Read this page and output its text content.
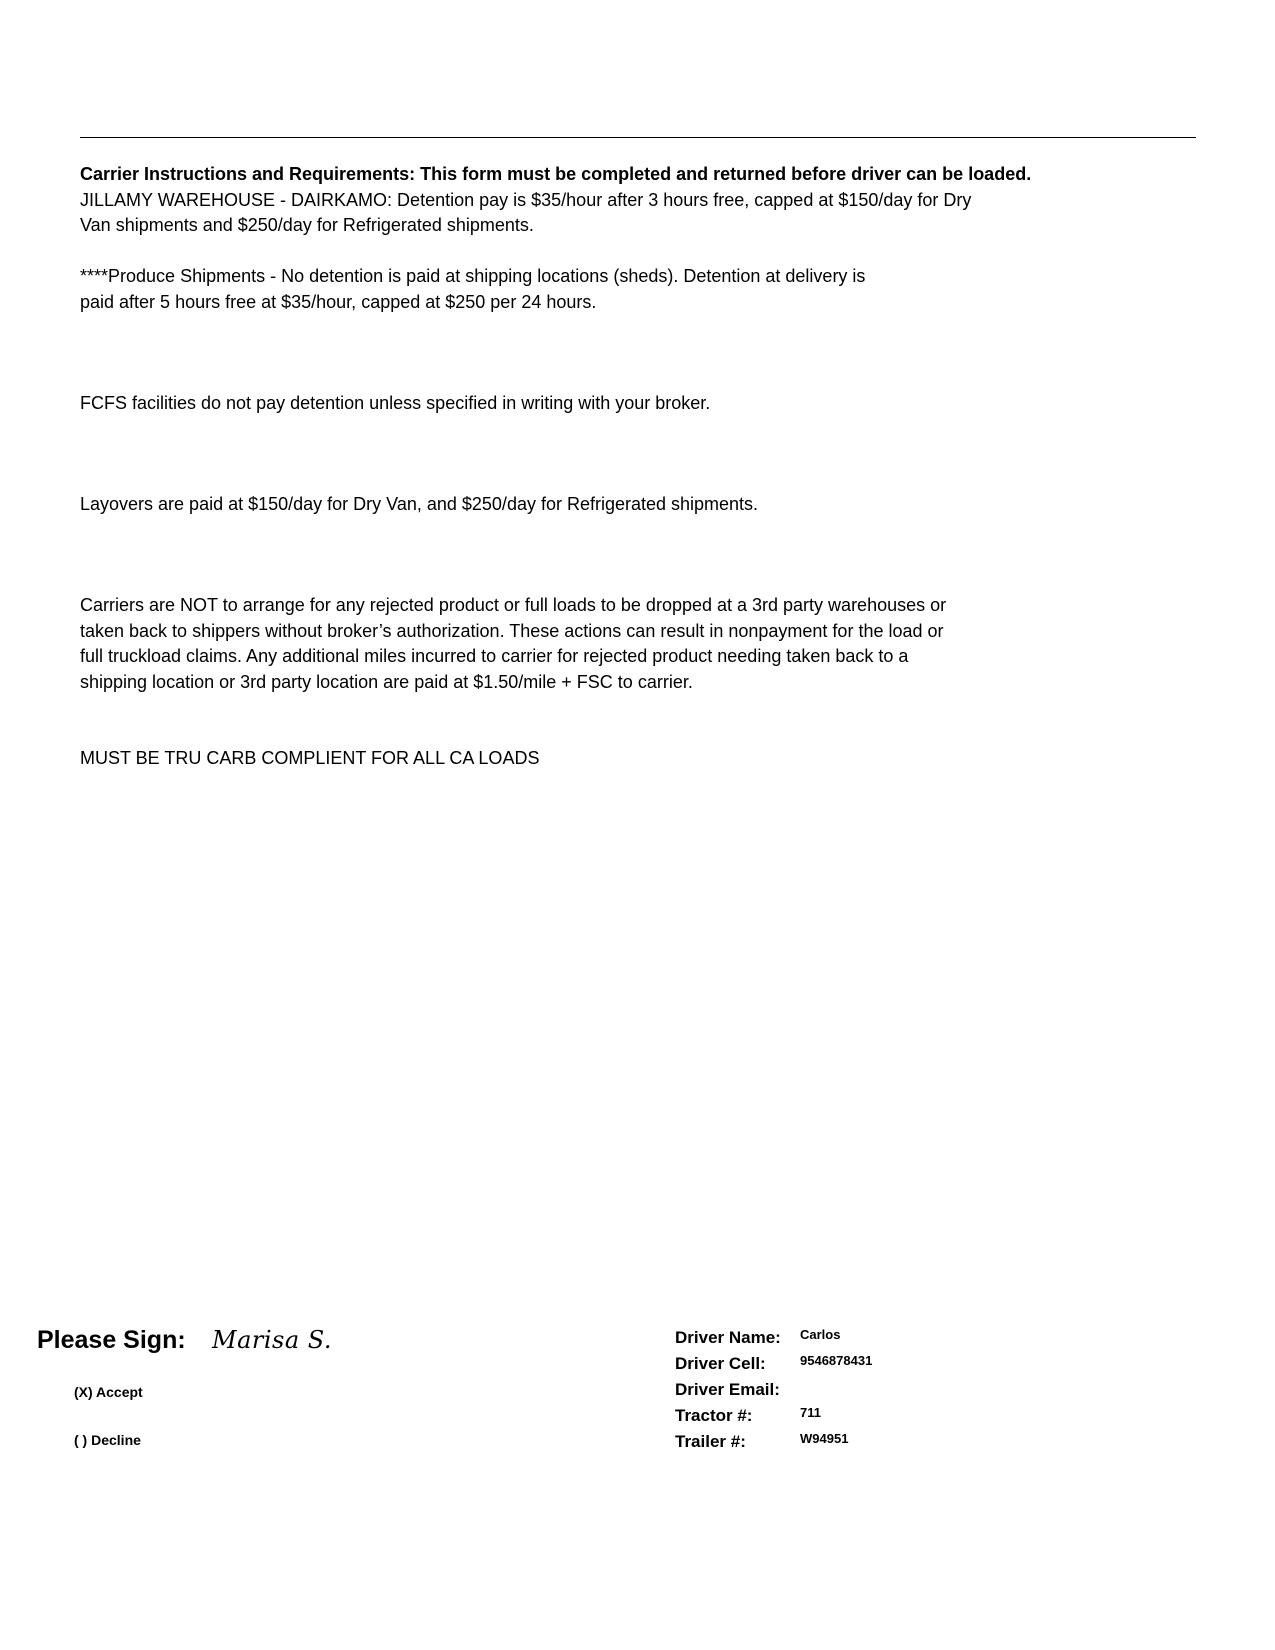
Carrier Instructions and Requirements: This form must be completed and returned before driver can be loaded.

JILLAMY WAREHOUSE - DAIRKAMO: Detention pay is $35/hour after 3 hours free, capped at $150/day for Dry

Van shipments and $250/day for Refrigerated shipments.

****Produce Shipments - No detention is paid at shipping locations (sheds). Detention at delivery is

paid after 5 hours free at $35/hour, capped at $250 per 24 hours.

FCFS facilities do not pay detention unless specified in writing with your broker.
Layovers are paid at $150/day for Dry Van, and $250/day for Refrigerated shipments.

Carriers are NOT to arrange for any rejected product or full loads to be dropped at a 3rd party warehouses or

taken back to shippers without broker’s authorization. These actions can result in nonpayment for the load or

full truckload claims. Any additional miles incurred to carrier for rejected product needing taken back to a

shipping location or 3rd party location are paid at $1.50/mile + FSC to carrier.

MUST BE TRU CARB COMPLIENT FOR ALL CA LOADS
Please Sign: Marisa S.
(X) Accept
( ) Decline
Driver Name: Carlos
Driver Cell:	9546878431
Driver Email:
Tractor #:	711
Trailer #:	W94951
